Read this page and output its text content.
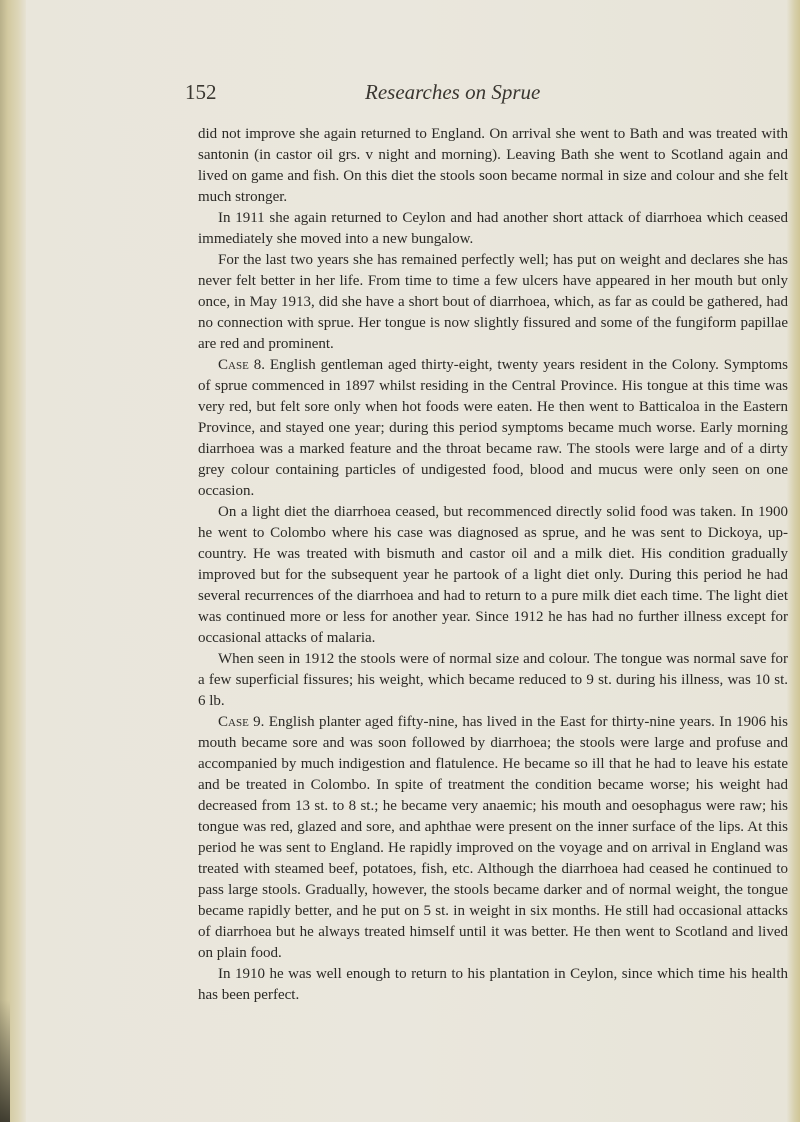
152	Researches on Sprue

did not improve she again returned to England. On arrival she went to Bath and was treated with santonin (in castor oil grs. v night and morning). Leaving Bath she went to Scotland again and lived on game and fish. On this diet the stools soon became normal in size and colour and she felt much stronger.

In 1911 she again returned to Ceylon and had another short attack of diarrhoea which ceased immediately she moved into a new bungalow.

For the last two years she has remained perfectly well; has put on weight and declares she has never felt better in her life. From time to time a few ulcers have appeared in her mouth but only once, in May 1913, did she have a short bout of diarrhoea, which, as far as could be gathered, had no connection with sprue. Her tongue is now slightly fissured and some of the fungiform papillae are red and prominent.

Case 8. English gentleman aged thirty-eight, twenty years resident in the Colony. Symptoms of sprue commenced in 1897 whilst residing in the Central Province. His tongue at this time was very red, but felt sore only when hot foods were eaten. He then went to Batticaloa in the Eastern Province, and stayed one year; during this period symptoms became much worse. Early morning diarrhoea was a marked feature and the throat became raw. The stools were large and of a dirty grey colour containing particles of undigested food, blood and mucus were only seen on one occasion.

On a light diet the diarrhoea ceased, but recommenced directly solid food was taken. In 1900 he went to Colombo where his case was diagnosed as sprue, and he was sent to Dickoya, up-country. He was treated with bismuth and castor oil and a milk diet. His condition gradually improved but for the subsequent year he partook of a light diet only. During this period he had several recurrences of the diarrhoea and had to return to a pure milk diet each time. The light diet was continued more or less for another year. Since 1912 he has had no further illness except for occasional attacks of malaria.

When seen in 1912 the stools were of normal size and colour. The tongue was normal save for a few superficial fissures; his weight, which became reduced to 9 st. during his illness, was 10 st. 6 lb.

Case 9. English planter aged fifty-nine, has lived in the East for thirty-nine years. In 1906 his mouth became sore and was soon followed by diarrhoea; the stools were large and profuse and accompanied by much indigestion and flatulence. He became so ill that he had to leave his estate and be treated in Colombo. In spite of treatment the condition became worse; his weight had decreased from 13 st. to 8 st.; he became very anaemic; his mouth and oesophagus were raw; his tongue was red, glazed and sore, and aphthae were present on the inner surface of the lips. At this period he was sent to England. He rapidly improved on the voyage and on arrival in England was treated with steamed beef, potatoes, fish, etc. Although the diarrhoea had ceased he continued to pass large stools. Gradually, however, the stools became darker and of normal weight, the tongue became rapidly better, and he put on 5 st. in weight in six months. He still had occasional attacks of diarrhoea but he always treated himself until it was better. He then went to Scotland and lived on plain food.

In 1910 he was well enough to return to his plantation in Ceylon, since which time his health has been perfect.
